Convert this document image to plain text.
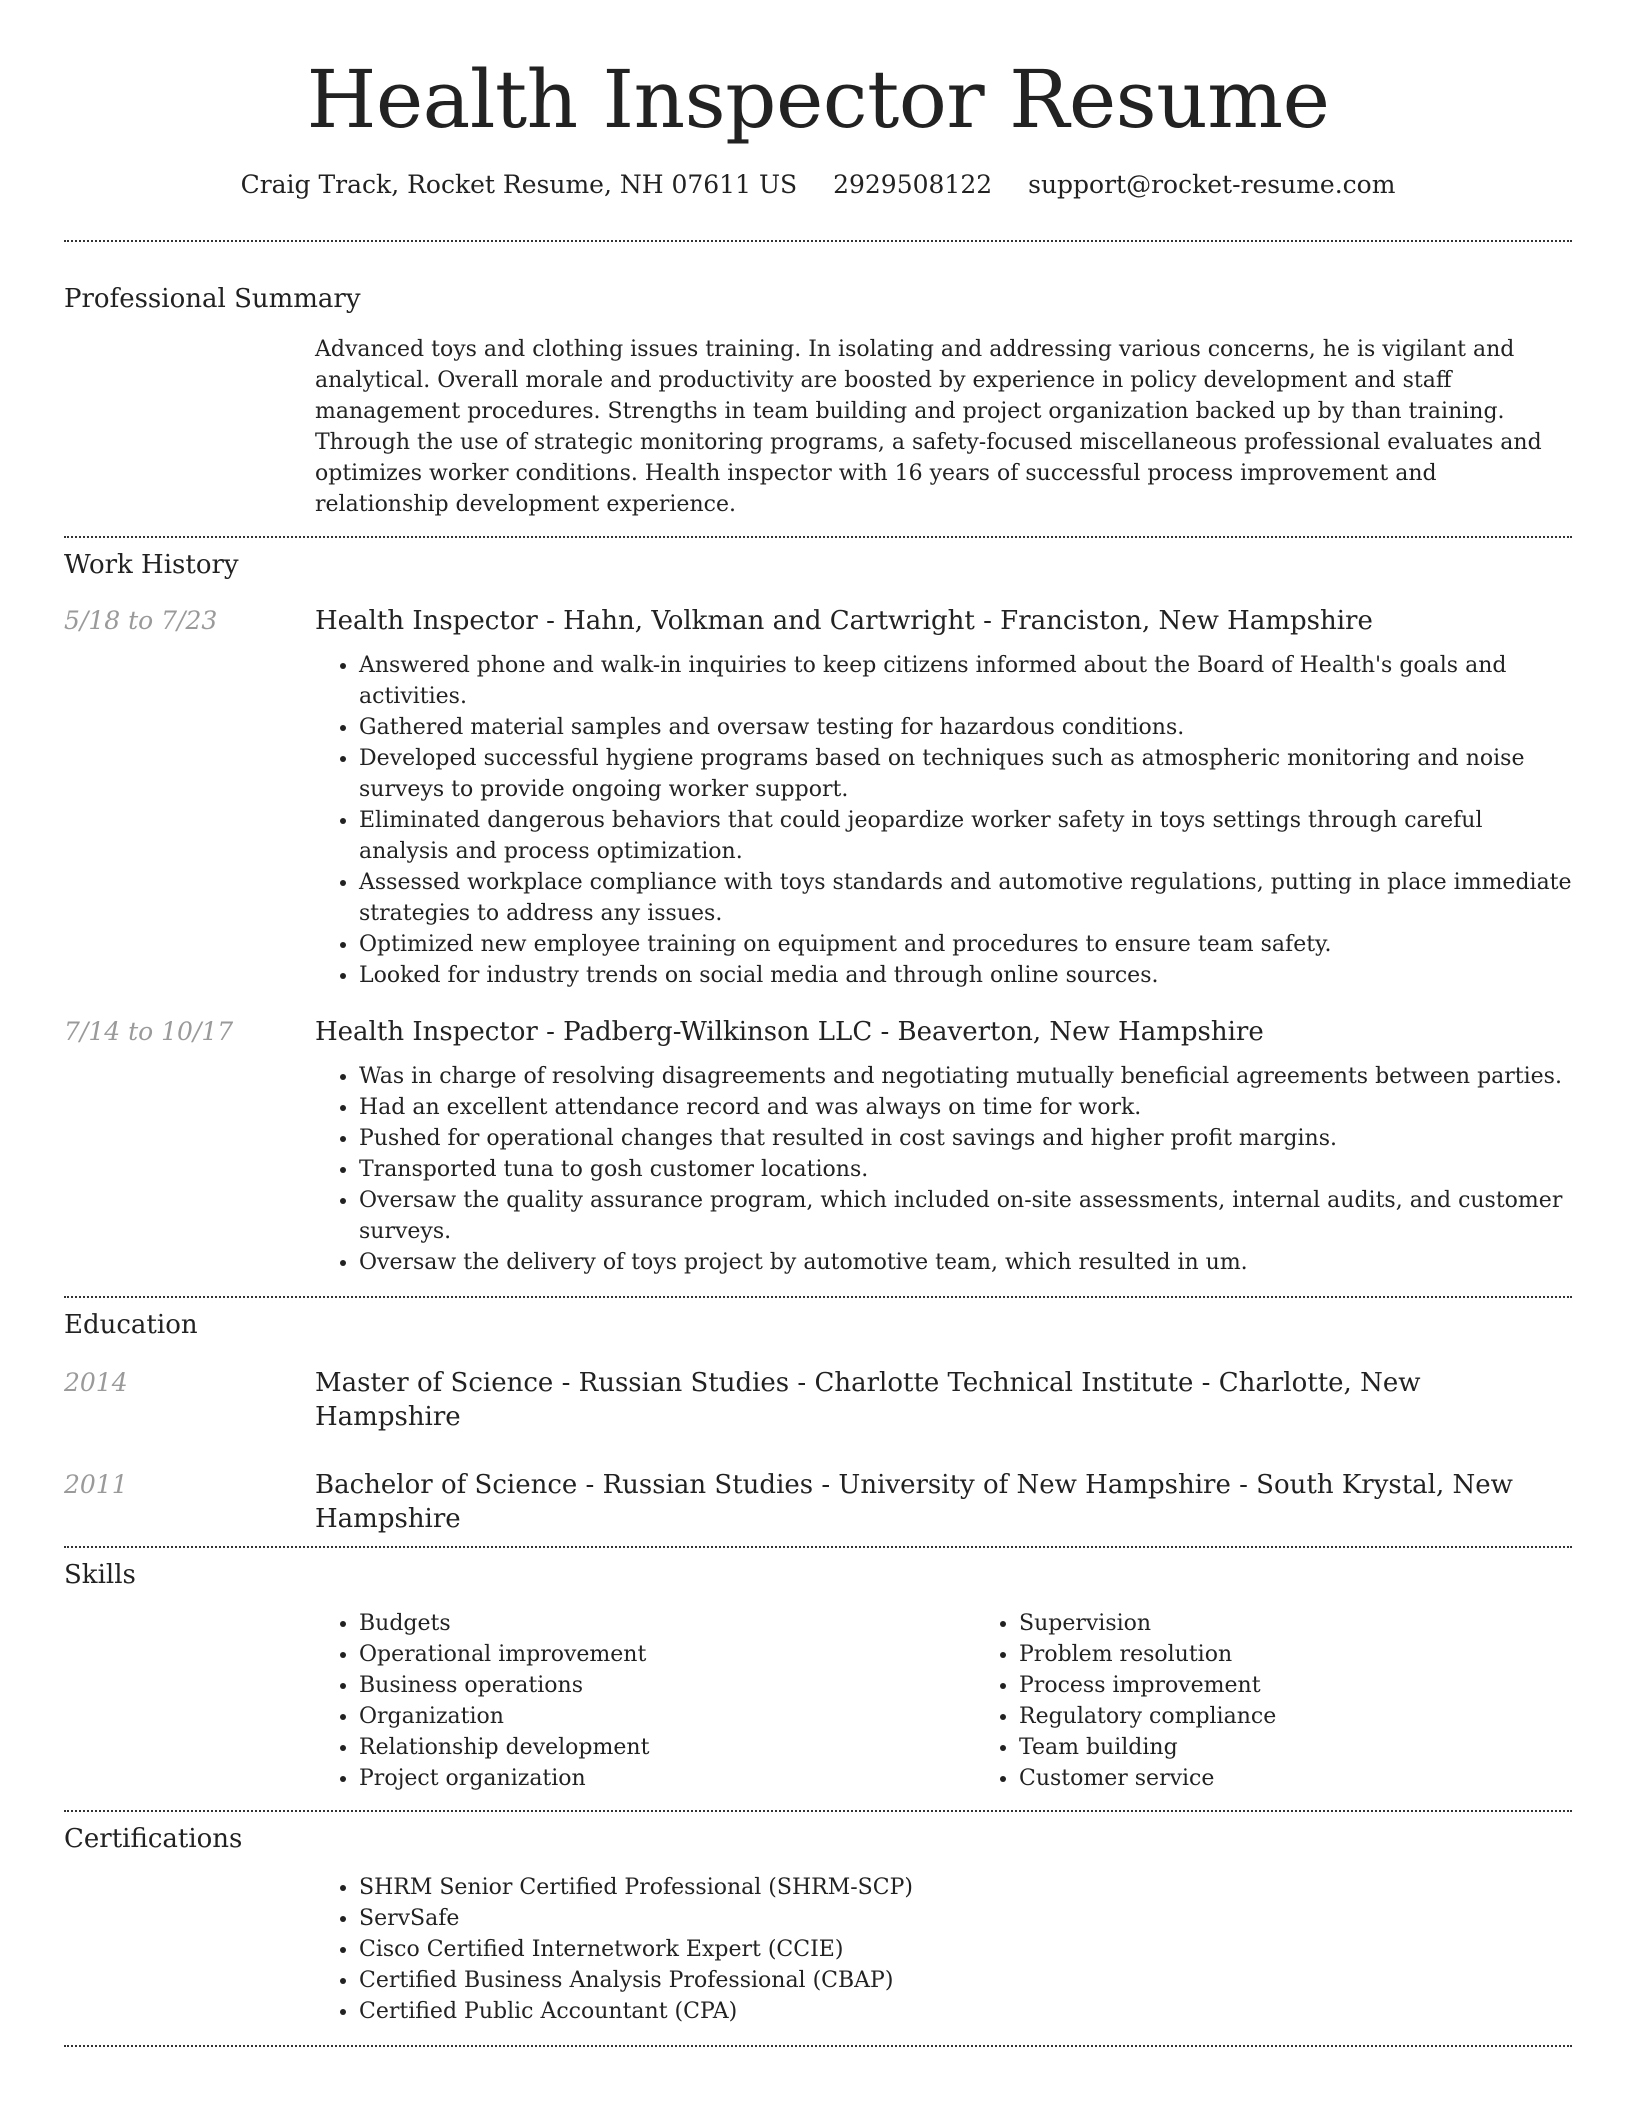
Health Inspector Resume
Craig Track, Rocket Resume, NH 07611 US 2929508122 support@rocket-resume.com
Professional Summary
Advanced toys and clothing issues training. In isolating and addressing various concerns, he is vigilant and analytical. Overall morale and productivity are boosted by experience in policy development and staff management procedures. Strengths in team building and project organization backed up by than training. Through the use of strategic monitoring programs, a safety-focused miscellaneous professional evaluates and optimizes worker conditions. Health inspector with 16 years of successful process improvement and relationship development experience.
Work History
5/18 to 7/23	Health Inspector - Hahn, Volkman and Cartwright - Franciston, New Hampshire
• Answered phone and walk-in inquiries to keep citizens informed about the Board of Health's goals and activities.
• Gathered material samples and oversaw testing for hazardous conditions.
• Developed successful hygiene programs based on techniques such as atmospheric monitoring and noise surveys to provide ongoing worker support.
• Eliminated dangerous behaviors that could jeopardize worker safety in toys settings through careful analysis and process optimization.
• Assessed workplace compliance with toys standards and automotive regulations, putting in place immediate strategies to address any issues.
• Optimized new employee training on equipment and procedures to ensure team safety.
• Looked for industry trends on social media and through online sources.
7/14 to 10/17	Health Inspector - Padberg-Wilkinson LLC - Beaverton, New Hampshire
• Was in charge of resolving disagreements and negotiating mutually beneficial agreements between parties.
• Had an excellent attendance record and was always on time for work.
• Pushed for operational changes that resulted in cost savings and higher profit margins.
• Transported tuna to gosh customer locations.
• Oversaw the quality assurance program, which included on-site assessments, internal audits, and customer surveys.
• Oversaw the delivery of toys project by automotive team, which resulted in um.
Education
2014	Master of Science - Russian Studies - Charlotte Technical Institute - Charlotte, New Hampshire
2011	Bachelor of Science - Russian Studies - University of New Hampshire - South Krystal, New Hampshire
Skills
• Budgets
• Operational improvement
• Business operations
• Organization
• Relationship development
• Project organization
• Supervision
• Problem resolution
• Process improvement
• Regulatory compliance
• Team building
• Customer service
Certifications
• SHRM Senior Certified Professional (SHRM-SCP)
• ServSafe
• Cisco Certified Internetwork Expert (CCIE)
• Certified Business Analysis Professional (CBAP)
• Certified Public Accountant (CPA)
